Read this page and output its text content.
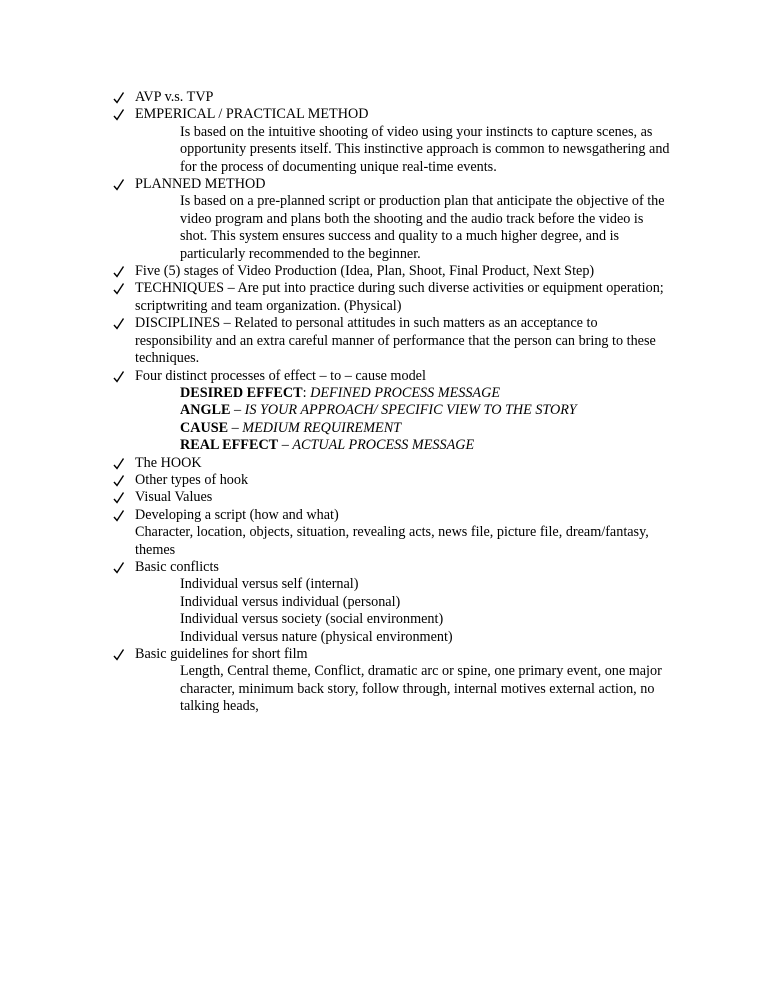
AVP v.s. TVP
EMPERICAL / PRACTICAL METHOD
Is based on the intuitive shooting of video using your instincts to capture scenes, as opportunity presents itself. This instinctive approach is common to newsgathering and for the process of documenting unique real-time events.
PLANNED METHOD
Is based on a pre-planned script or production plan that anticipate the objective of the video program and plans both the shooting and the audio track before the video is shot. This system ensures success and quality to a much higher degree, and is particularly recommended to the beginner.
Five (5) stages of Video Production (Idea, Plan, Shoot, Final Product, Next Step)
TECHNIQUES – Are put into practice during such diverse activities or equipment operation; scriptwriting and team organization. (Physical)
DISCIPLINES – Related to personal attitudes in such matters as an acceptance to responsibility and an extra careful manner of performance that the person can bring to these techniques.
Four distinct processes of effect – to – cause model
DESIRED EFFECT: DEFINED PROCESS MESSAGE
ANGLE – IS YOUR APPROACH/ SPECIFIC VIEW TO THE STORY
CAUSE – MEDIUM REQUIREMENT
REAL EFFECT – ACTUAL PROCESS MESSAGE
The HOOK
Other types of hook
Visual Values
Developing a script (how and what)
Character, location, objects, situation, revealing acts, news file, picture file, dream/fantasy, themes
Basic conflicts
Individual versus self (internal)
Individual versus individual (personal)
Individual versus society (social environment)
Individual versus nature (physical environment)
Basic guidelines for short film
Length, Central theme, Conflict, dramatic arc or spine, one primary event, one major character, minimum back story, follow through, internal motives external action, no talking heads,
